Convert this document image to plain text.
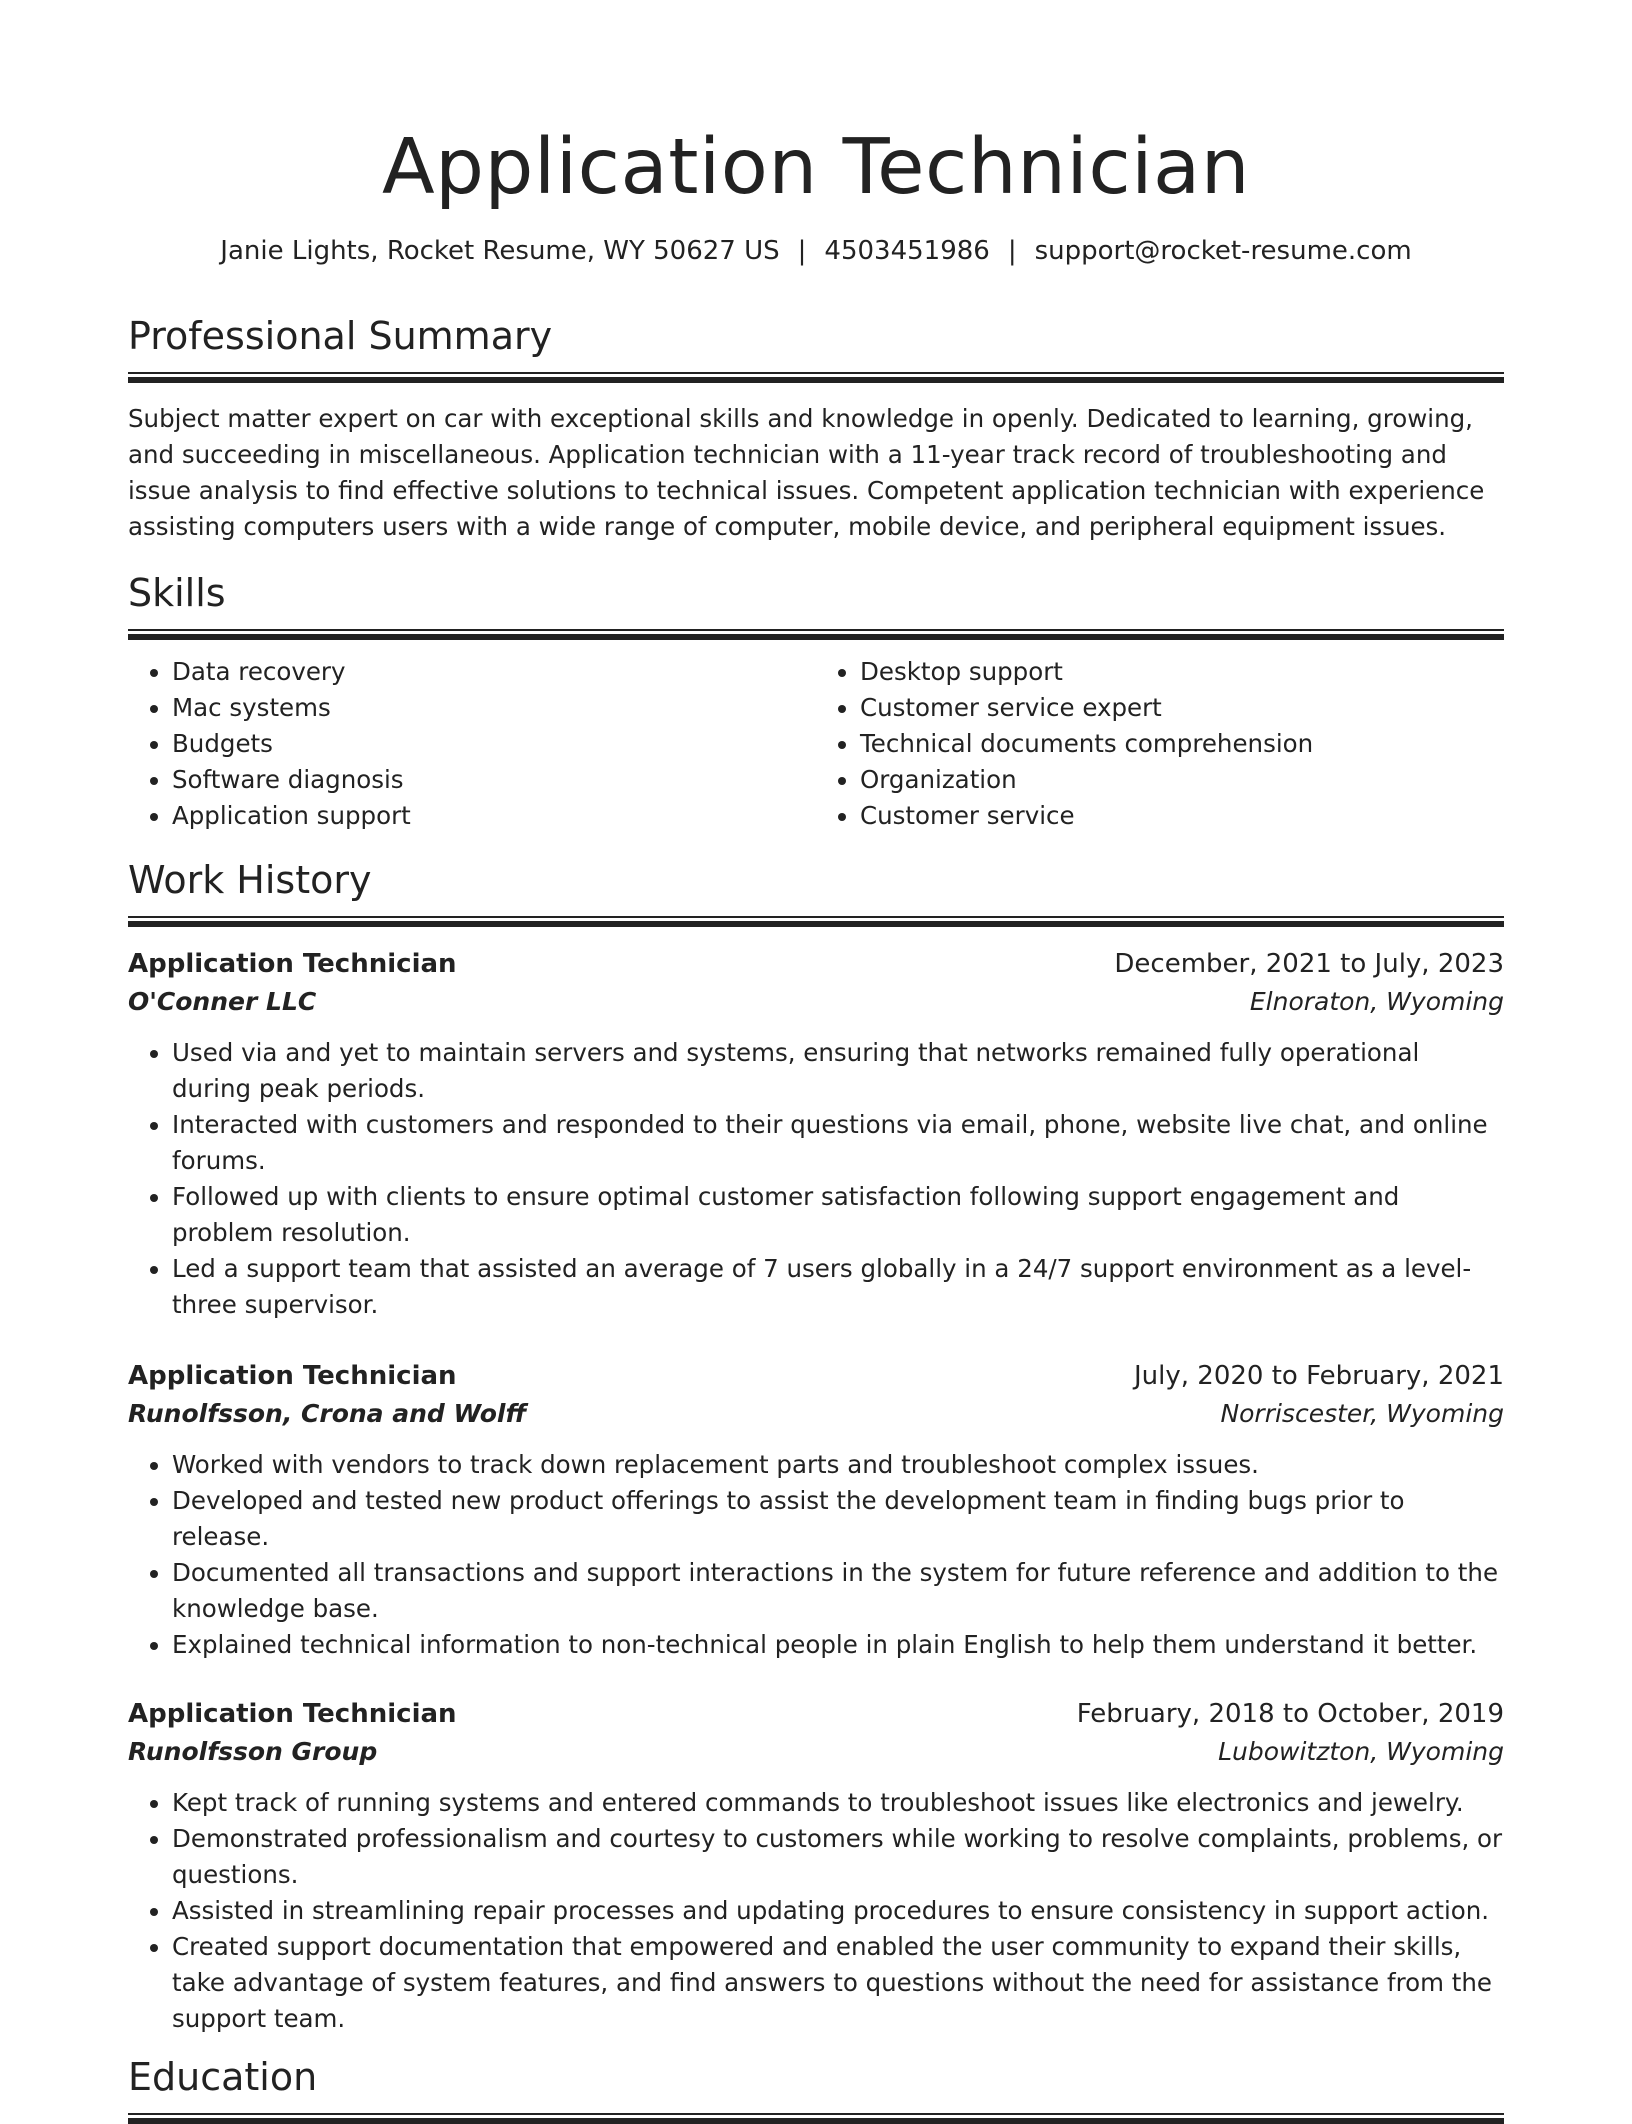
Application Technician
Janie Lights, Rocket Resume, WY 50627 US | 4503451986 | support@rocket-resume.com
Professional Summary

Subject matter expert on car with exceptional skills and knowledge in openly. Dedicated to learning, growing, and succeeding in miscellaneous. Application technician with a 11-year track record of troubleshooting and issue analysis to find effective solutions to technical issues. Competent application technician with experience assisting computers users with a wide range of computer, mobile device, and peripheral equipment issues.

Skills
• Data recovery
• Mac systems
• Budgets
• Software diagnosis
• Application support
• Desktop support
• Customer service expert
• Technical documents comprehension
• Organization
• Customer service
Work History
Application Technician	December, 2021 to July, 2023
O'Conner LLC	Elnoraton, Wyoming
• Used via and yet to maintain servers and systems, ensuring that networks remained fully operational during peak periods.
• Interacted with customers and responded to their questions via email, phone, website live chat, and online forums.
• Followed up with clients to ensure optimal customer satisfaction following support engagement and problem resolution.
• Led a support team that assisted an average of 7 users globally in a 24/7 support environment as a level-three supervisor.
Application Technician	July, 2020 to February, 2021
Runolfsson, Crona and Wolff	Norriscester, Wyoming
• Worked with vendors to track down replacement parts and troubleshoot complex issues.
• Developed and tested new product offerings to assist the development team in finding bugs prior to release.
• Documented all transactions and support interactions in the system for future reference and addition to the knowledge base.
• Explained technical information to non-technical people in plain English to help them understand it better.
Application Technician	February, 2018 to October, 2019
Runolfsson Group	Lubowitzton, Wyoming
• Kept track of running systems and entered commands to troubleshoot issues like electronics and jewelry.
• Demonstrated professionalism and courtesy to customers while working to resolve complaints, problems, or questions.
• Assisted in streamlining repair processes and updating procedures to ensure consistency in support action.
• Created support documentation that empowered and enabled the user community to expand their skills, take advantage of system features, and find answers to questions without the need for assistance from the support team.
Education
